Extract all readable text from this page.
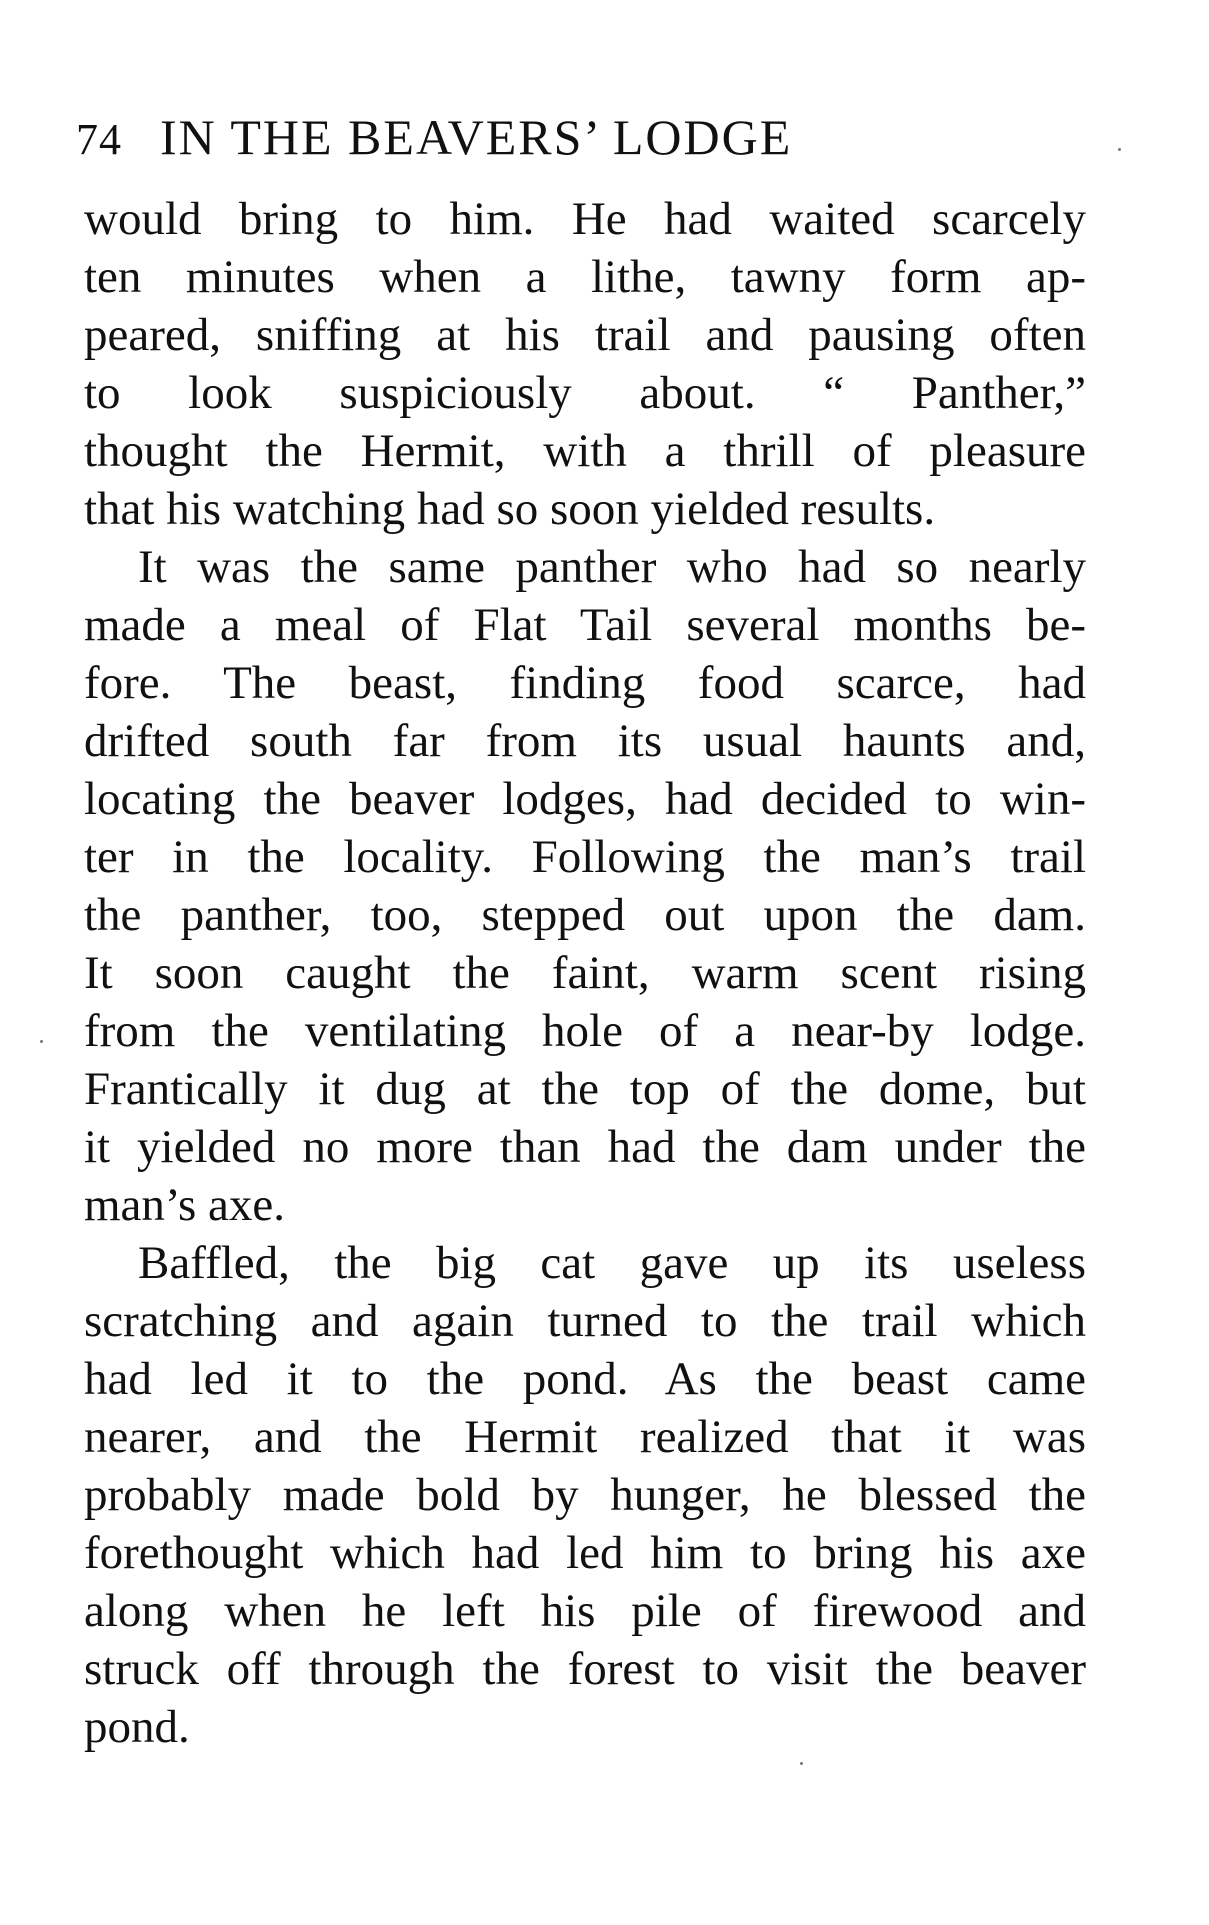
74 IN THE BEAVERS’ LODGE
would bring to him. He had waited scarcely
ten minutes when a lithe, tawny form ap-
peared, sniffing at his trail and pausing often
to look suspiciously about. “ Panther,”
thought the Hermit, with a thrill of pleasure
that his watching had so soon yielded results.
It was the same panther who had so nearly
made a meal of Flat Tail several months be-
fore. The beast, finding food scarce, had
drifted south far from its usual haunts and,
locating the beaver lodges, had decided to win-
ter in the locality. Following the man’s trail
the panther, too, stepped out upon the dam.
It soon caught the faint, warm scent rising
from the ventilating hole of a near-by lodge.
Frantically it dug at the top of the dome, but
it yielded no more than had the dam under the
man’s axe.
Baffled, the big cat gave up its useless
scratching and again turned to the trail which
had led it to the pond. As the beast came
nearer, and the Hermit realized that it was
probably made bold by hunger, he blessed the
forethought which had led him to bring his axe
along when he left his pile of firewood and
struck off through the forest to visit the beaver
pond.
